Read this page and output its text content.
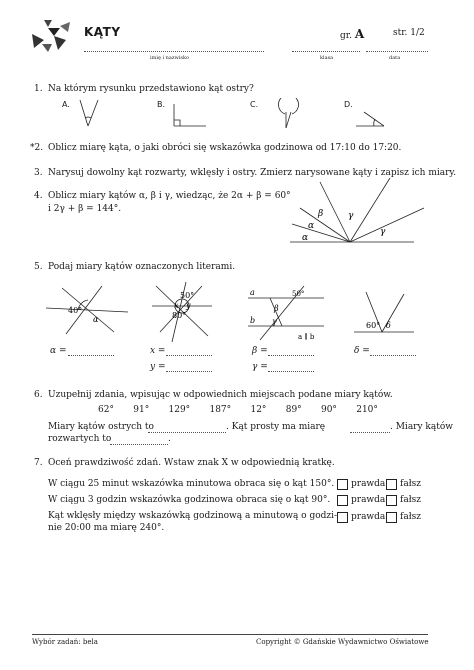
KĄTY	gr. A	str. 1/2
imię i nazwisko	klasa	data
1. Na którym rysunku przedstawiono kąt ostry?
A.	B.	C.	D.
*2. Oblicz miarę kąta, o jaki obróci się wskazówka godzinowa od 17:10 do 17:20.
3. Narysuj dowolny kąt rozwarty, wklęsły i ostry. Zmierz narysowane kąty i zapisz ich miary.
4. Oblicz miary kątów α, β i γ, wiedząc, że 2α + β = 60°
i 2γ + β = 144°.	β	γ
α
γ
α
5. Podaj miary kątów oznaczonych literami.
40°
α
50°
x y
80°
a	50°
β
b γ
a ∥ b
60° δ
α =	x =
y =
β =
γ =
δ =
6. Uzupełnij zdania, wpisując w odpowiednich miejscach podane miary kątów.
62° 91° 129° 187° 12° 89° 90° 210°
Miary kątów ostrych to	. Kąt prosty ma miarę	. Miary kątów
rozwartych to	.
7. Oceń prawdziwość zdań. Wstaw znak X w odpowiednią kratkę.
W ciągu 25 minut wskazówka minutowa obraca się o kąt 150°.
W ciągu 3 godzin wskazówka godzinowa obraca się o kąt 90°.
Kąt wklęsły między wskazówką godzinową a minutową o godzi-
nie 20:00 ma miarę 240°.
prawda fałsz
prawda fałsz
prawda fałsz
Wybór zadań: bela	Copyright © Gdańskie Wydawnictwo Oświatowe
